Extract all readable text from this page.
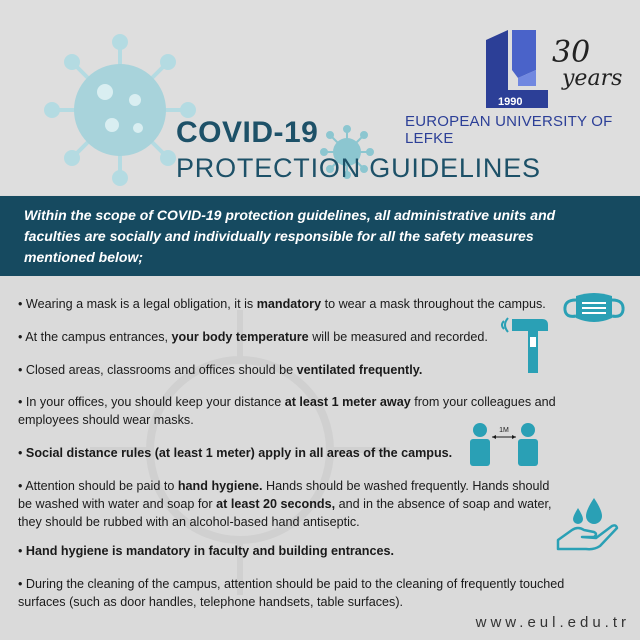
COVID-19
PROTECTION GUIDELINES
1990
30
years
EUROPEAN UNIVERSITY OF LEFKE
Within the scope of COVID-19 protection guidelines, all administrative units and faculties are socially and individually responsible for all the safety measures mentioned below;
• Wearing a mask is a legal obligation, it is mandatory to wear a mask throughout the campus.
• At the campus entrances, your body temperature will be measured and recorded.
• Closed areas, classrooms and offices should be ventilated frequently.
• In your offices, you should keep your distance at least 1 meter away from your colleagues and employees should wear masks.
• Social distance rules (at least 1 meter) apply in all areas of the campus.
• Attention should be paid to hand hygiene. Hands should be washed frequently. Hands should be washed with water and soap for at least 20 seconds, and in the absence of soap and water, they should be rubbed with an alcohol-based hand antiseptic.
• Hand hygiene is mandatory in faculty and building entrances.
• During the cleaning of the campus, attention should be paid to the cleaning of frequently touched surfaces (such as door handles, telephone handsets, table surfaces).
1M
www.eul.edu.tr
